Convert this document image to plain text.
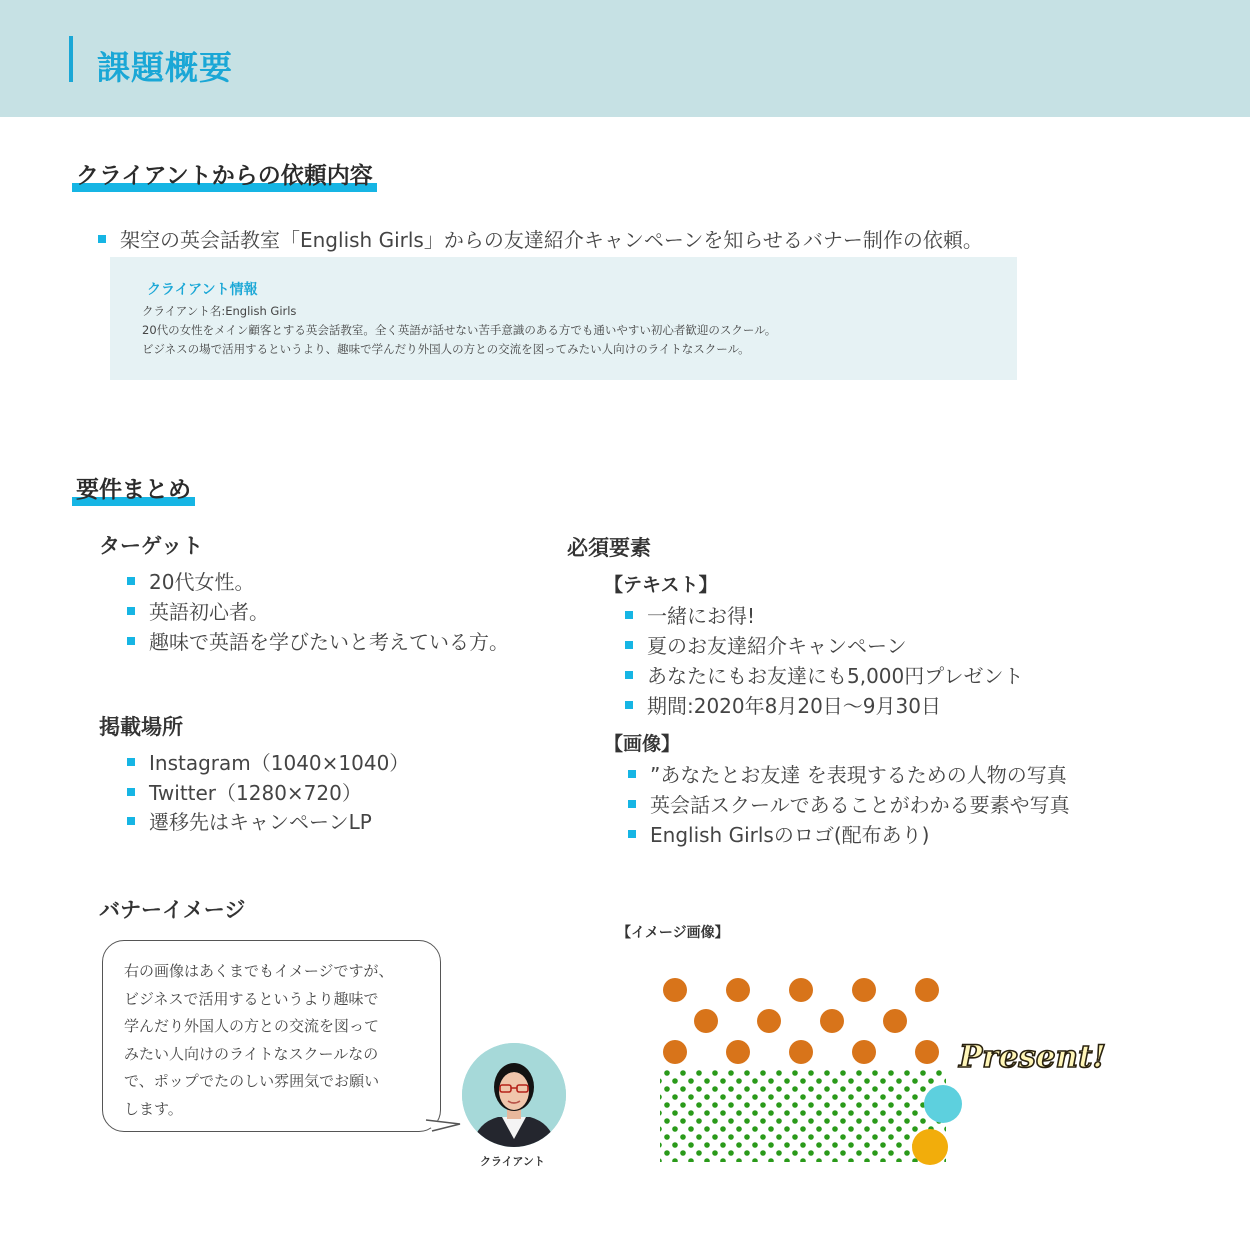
課題概要
クライアントからの依頼内容
架空の英会話教室「English Girls」からの友達紹介キャンペーンを知らせるバナー制作の依頼。
クライアント情報
クライアント名:English Girls
20代の女性をメイン顧客とする英会話教室。全く英語が話せない苦手意識のある方でも通いやすい初心者歓迎のスクール。
ビジネスの場で活用するというより、趣味で学んだり外国人の方との交流を図ってみたい人向けのライトなスクール。
要件まとめ
ターゲット
20代女性。
英語初心者。
趣味で英語を学びたいと考えている方。
掲載場所
Instagram（1040×1040）
Twitter（1280×720）
遷移先はキャンペーンLP
必須要素
【テキスト】
一緒にお得!
夏のお友達紹介キャンペーン
あなたにもお友達にも5,000円プレゼント
期間:2020年8月20日〜9月30日
【画像】
”あなたとお友達 を表現するための人物の写真
英会話スクールであることがわかる要素や写真
English Girlsのロゴ(配布あり)
バナーイメージ
右の画像はあくまでもイメージですが、
ビジネスで活用するというより趣味で
学んだり外国人の方との交流を図って
みたい人向けのライトなスクールなの
で、ポップでたのしい雰囲気でお願い
します。
クライアント
【イメージ画像】
Present!
